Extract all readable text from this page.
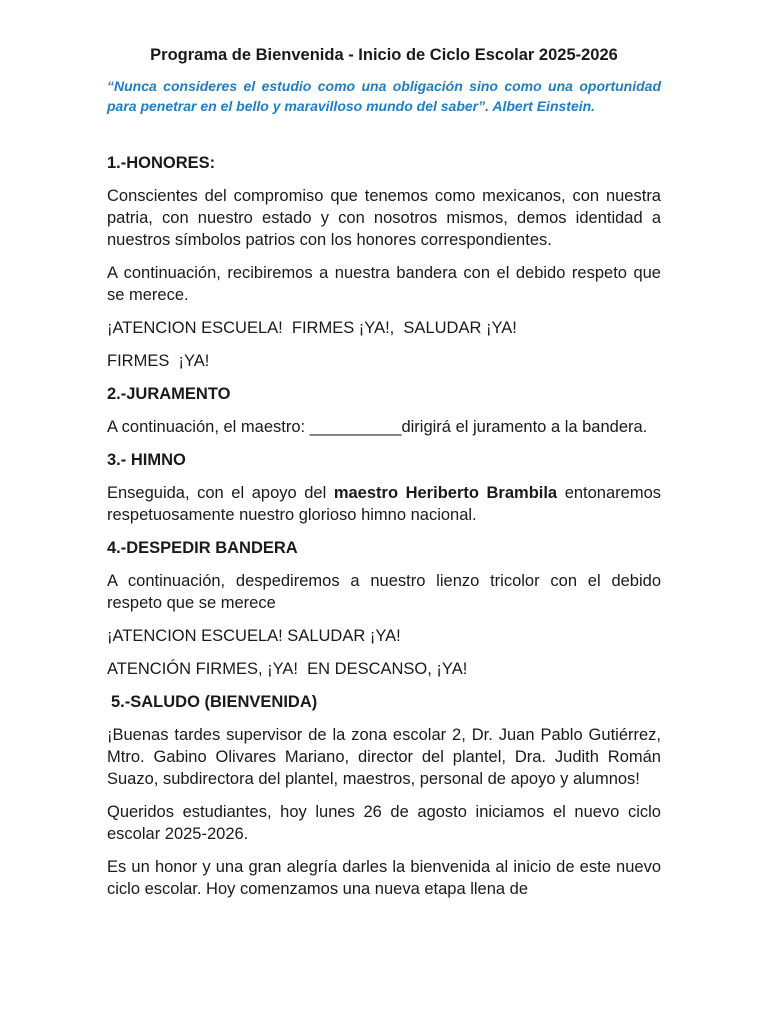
Programa de Bienvenida - Inicio de Ciclo Escolar 2025-2026
“Nunca consideres el estudio como una obligación sino como una oportunidad para penetrar en el bello y maravilloso mundo del saber”. Albert Einstein.
1.-HONORES:
Conscientes del compromiso que tenemos como mexicanos, con nuestra patria, con nuestro estado y con nosotros mismos, demos identidad a nuestros símbolos patrios con los honores correspondientes.
A continuación, recibiremos a nuestra bandera con el debido respeto que se merece.
¡ATENCION ESCUELA!  FIRMES ¡YA!,  SALUDAR ¡YA!
FIRMES  ¡YA!
2.-JURAMENTO
A continuación, el maestro: __________dirigirá el juramento a la bandera.
3.- HIMNO
Enseguida, con el apoyo del maestro Heriberto Brambila entonaremos respetuosamente nuestro glorioso himno nacional.
4.-DESPEDIR BANDERA
A continuación, despediremos a nuestro lienzo tricolor con el debido respeto que se merece
¡ATENCION ESCUELA! SALUDAR ¡YA!
ATENCIÓN FIRMES, ¡YA!  EN DESCANSO, ¡YA!
5.-SALUDO (BIENVENIDA)
¡Buenas tardes supervisor de la zona escolar 2, Dr. Juan Pablo Gutiérrez, Mtro. Gabino Olivares Mariano, director del plantel, Dra. Judith Román Suazo, subdirectora del plantel, maestros, personal de apoyo y alumnos!
Queridos estudiantes, hoy lunes 26 de agosto iniciamos el nuevo ciclo escolar 2025-2026.
Es un honor y una gran alegría darles la bienvenida al inicio de este nuevo ciclo escolar. Hoy comenzamos una nueva etapa llena de
